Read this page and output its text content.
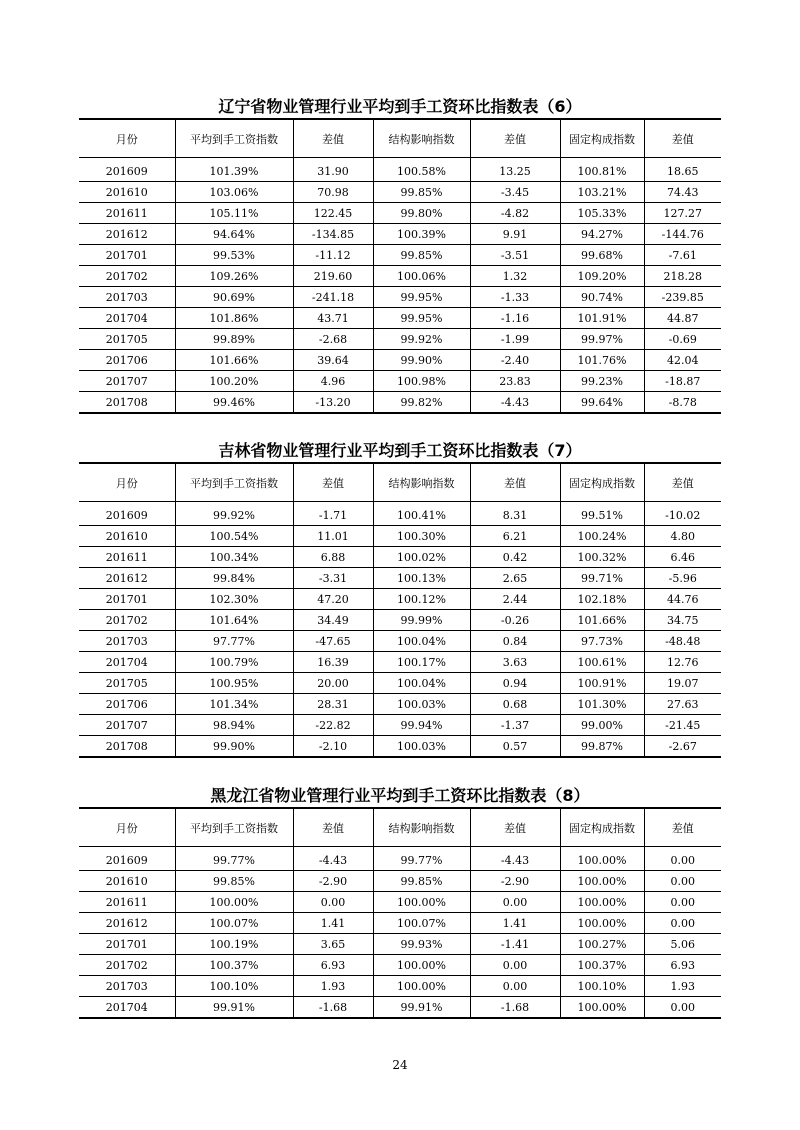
辽宁省物业管理行业平均到手工资环比指数表（6）
月份	平均到手工资指数	差值	结构影响指数	差值	固定构成指数	差值
201609	101.39%	31.90	100.58%	13.25	100.81%	18.65
201610	103.06%	70.98	99.85%	-3.45	103.21%	74.43
201611	105.11%	122.45	99.80%	-4.82	105.33%	127.27
201612	94.64%	-134.85	100.39%	9.91	94.27%	-144.76
201701	99.53%	-11.12	99.85%	-3.51	99.68%	-7.61
201702	109.26%	219.60	100.06%	1.32	109.20%	218.28
201703	90.69%	-241.18	99.95%	-1.33	90.74%	-239.85
201704	101.86%	43.71	99.95%	-1.16	101.91%	44.87
201705	99.89%	-2.68	99.92%	-1.99	99.97%	-0.69
201706	101.66%	39.64	99.90%	-2.40	101.76%	42.04
201707	100.20%	4.96	100.98%	23.83	99.23%	-18.87
201708	99.46%	-13.20	99.82%	-4.43	99.64%	-8.78
吉林省物业管理行业平均到手工资环比指数表（7）
月份	平均到手工资指数	差值	结构影响指数	差值	固定构成指数	差值
201609	99.92%	-1.71	100.41%	8.31	99.51%	-10.02
201610	100.54%	11.01	100.30%	6.21	100.24%	4.80
201611	100.34%	6.88	100.02%	0.42	100.32%	6.46
201612	99.84%	-3.31	100.13%	2.65	99.71%	-5.96
201701	102.30%	47.20	100.12%	2.44	102.18%	44.76
201702	101.64%	34.49	99.99%	-0.26	101.66%	34.75
201703	97.77%	-47.65	100.04%	0.84	97.73%	-48.48
201704	100.79%	16.39	100.17%	3.63	100.61%	12.76
201705	100.95%	20.00	100.04%	0.94	100.91%	19.07
201706	101.34%	28.31	100.03%	0.68	101.30%	27.63
201707	98.94%	-22.82	99.94%	-1.37	99.00%	-21.45
201708	99.90%	-2.10	100.03%	0.57	99.87%	-2.67
黑龙江省物业管理行业平均到手工资环比指数表（8）
月份	平均到手工资指数	差值	结构影响指数	差值	固定构成指数	差值
201609	99.77%	-4.43	99.77%	-4.43	100.00%	0.00
201610	99.85%	-2.90	99.85%	-2.90	100.00%	0.00
201611	100.00%	0.00	100.00%	0.00	100.00%	0.00
201612	100.07%	1.41	100.07%	1.41	100.00%	0.00
201701	100.19%	3.65	99.93%	-1.41	100.27%	5.06
201702	100.37%	6.93	100.00%	0.00	100.37%	6.93
201703	100.10%	1.93	100.00%	0.00	100.10%	1.93
201704	99.91%	-1.68	99.91%	-1.68	100.00%	0.00
24
